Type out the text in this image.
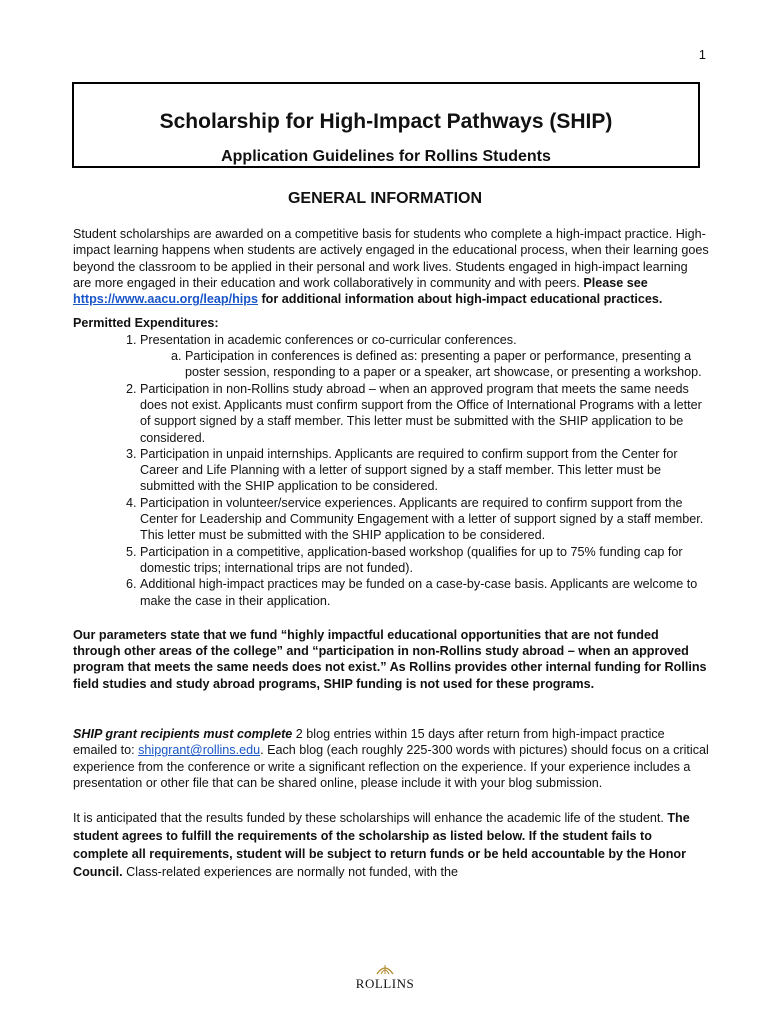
1
Scholarship for High-Impact Pathways (SHIP)
Application Guidelines for Rollins Students
GENERAL INFORMATION

Student scholarships are awarded on a competitive basis for students who complete a high-impact practice. High-impact learning happens when students are actively engaged in the educational process, when their learning goes beyond the classroom to be applied in their personal and work lives. Students engaged in high-impact learning are more engaged in their education and work collaboratively in community and with peers. Please see https://www.aacu.org/leap/hips for additional information about high-impact educational practices.

Permitted Expenditures:

1. Presentation in academic conferences or co-curricular conferences.
a. Participation in conferences is defined as: presenting a paper or performance, presenting a poster session, responding to a paper or a speaker, art showcase, or presenting a workshop.
2. Participation in non-Rollins study abroad – when an approved program that meets the same needs does not exist. Applicants must confirm support from the Office of International Programs with a letter of support signed by a staff member. This letter must be submitted with the SHIP application to be considered.
3. Participation in unpaid internships. Applicants are required to confirm support from the Center for Career and Life Planning with a letter of support signed by a staff member. This letter must be submitted with the SHIP application to be considered.
4. Participation in volunteer/service experiences. Applicants are required to confirm support from the Center for Leadership and Community Engagement with a letter of support signed by a staff member. This letter must be submitted with the SHIP application to be considered.
5. Participation in a competitive, application-based workshop (qualifies for up to 75% funding cap for domestic trips; international trips are not funded).
6. Additional high-impact practices may be funded on a case-by-case basis. Applicants are welcome to make the case in their application.

Our parameters state that we fund “highly impactful educational opportunities that are not funded through other areas of the college” and “participation in non-Rollins study abroad – when an approved program that meets the same needs does not exist.” As Rollins provides other internal funding for Rollins field studies and study abroad programs, SHIP funding is not used for these programs.

SHIP grant recipients must complete 2 blog entries within 15 days after return from high-impact practice emailed to: shipgrant@rollins.edu. Each blog (each roughly 225-300 words with pictures) should focus on a critical experience from the conference or write a significant reflection on the experience. If your experience includes a presentation or other file that can be shared online, please include it with your blog submission.

It is anticipated that the results funded by these scholarships will enhance the academic life of the student. The student agrees to fulfill the requirements of the scholarship as listed below. If the student fails to complete all requirements, student will be subject to return funds or be held accountable by the Honor Council. Class-related experiences are normally not funded, with the

ROLLINS
